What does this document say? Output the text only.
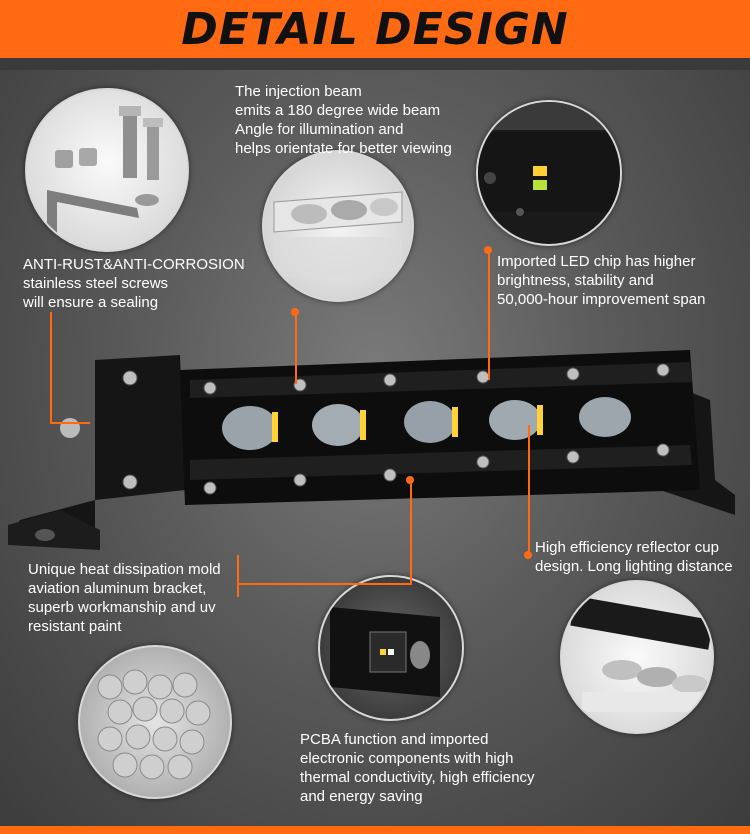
DETAIL DESIGN
The injection beam
emits a 180 degree wide beam
Angle for illumination and
helps orientate for better viewing
ANTI-RUST&ANTI-CORROSION
stainless steel screws
will ensure a sealing
Imported LED chip has higher
brightness, stability and
50,000-hour improvement span
Unique heat dissipation mold
aviation aluminum bracket,
superb workmanship and uv
resistant paint
High efficiency reflector cup
design. Long lighting distance
PCBA function and imported
electronic components with high
thermal conductivity, high efficiency
and energy saving
